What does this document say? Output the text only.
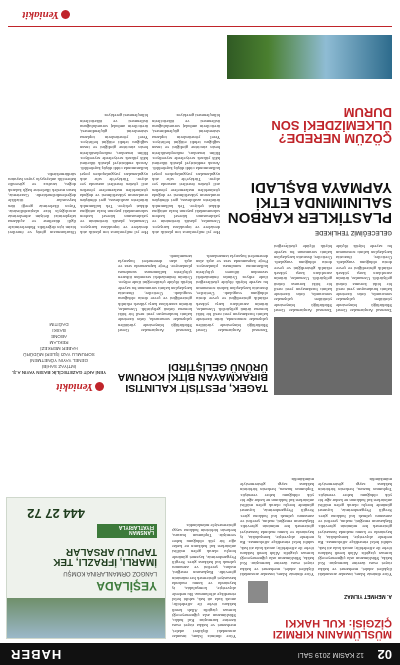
02
12 KASIM 2019 SALI
HABER
MÜSLÜMANIN KIRMIZI ÇİZGİSİ: KUL HAKKI
A. MEHMET YILMAZ
Yüce dinimiz İslam, insanlar arasındaki ilişkileri adalet, merhamet ve hakka riayet esası üzerine kurmuştur. Kul hakkı, Müslümanın asla çiğnemeyeceği kırmızı çizgidir. Allah kendi hakkını tövbe ile affedebilir; ancak kula ait hak, sahibi helal etmedikçe affolunmaz. Bu nedenle alışverişte, komşulukta, iş hayatında ve kamu malında hassasiyet göstermek her müminin görevidir. Başkasının emeğini, malını, şerefini ve zamanını çalmak kul hakkına girer. Sevgili Peygamberimiz, kıyamet gününde borçlu olarak gelen müflisi anlatırken kul hakkının ne kadar ağır bir yük olduğunu haber vermiştir. Toplumun huzuru, herkesin birbirinin hakkına saygı göstermesiyle mümkündür.
Yüce dinimiz İslam, insanlar arasındaki ilişkileri adalet, merhamet ve hakka riayet esası üzerine kurmuştur. Kul hakkı, Müslümanın asla çiğnemeyeceği kırmızı çizgidir. Allah kendi hakkını tövbe ile affedebilir; ancak kula ait hak, sahibi helal etmedikçe affolunmaz. Bu nedenle alışverişte, komşulukta, iş hayatında ve kamu malında hassasiyet göstermek her müminin görevidir. Başkasının emeğini, malını, şerefini ve zamanını çalmak kul hakkına girer. Sevgili Peygamberimiz, kıyamet gününde borçlu olarak gelen müflisi anlatırken kul hakkının ne kadar ağır bir yük olduğunu haber vermiştir. Toplumun huzuru, herkesin birbirinin hakkına saygı göstermesiyle mümkündür.
Yüce dinimiz İslam, insanlar arasındaki ilişkileri adalet, merhamet ve hakka riayet esası üzerine kurmuştur. Kul hakkı, Müslümanın asla çiğnemeyeceği kırmızı çizgidir. Allah kendi hakkını tövbe ile affedebilir; ancak kula ait hak, sahibi helal etmedikçe affolunmaz. Bu nedenle alışverişte, komşulukta, iş hayatında ve kamu malında hassasiyet göstermek her müminin görevidir. Başkasının emeğini, malını, şerefini ve zamanını çalmak kul hakkına girer. Sevgili Peygamberimiz, kıyamet gününde borçlu olarak gelen müflisi anlatırken kul hakkının ne kadar ağır bir yük olduğunu haber vermiştir. Toplumun huzuru, herkesin birbirinin hakkına saygı göstermesiyle mümkündür.
YEŞİLADA
LANGOZ ORMANLARINA KOMŞU
İMARLI, İFRAZLI, TEK TAPULU ARSALAR
LANSMAN FİYATLARIYLA
444 27 72
Tarımsal Araştırmalar Genel Müdürlüğü bünyesinde yürütülen çalışmalar sonucunda, ürün üzerinde kalıntı bırakmayan yeni nesil bir bitki koruma ürünü geliştirildi. Uzmanlar, ürünün zararlılara karşı yüksek etkinlik gösterdiğini ve çevre dostu olduğunu vurguladı. Üreticiler, ihracatta karşılaşılan kalıntı sorununun bu sayede büyük ölçüde
Tarımsal Araştırmalar Genel Müdürlüğü bünyesinde yürütülen çalışmalar sonucunda, ürün üzerinde kalıntı bırakmayan yeni nesil bir bitki koruma ürünü geliştirildi. Uzmanlar, ürünün zararlılara karşı yüksek etkinlik gösterdiğini ve çevre dostu olduğunu vurguladı. Üreticiler, ihracatta karşılaşılan kalıntı sorununun bu sayede büyük ölçüde çözüleceğini
TAGEK, PESTİSİT KALINTISI BIRAKMAYAN BİTKİ KORUMA ÜRÜNÜ GELİŞTİRDİ
Tarımsal Araştırmalar Genel Müdürlüğü bünyesinde yürütülen çalışmalar sonucunda, ürün üzerinde kalıntı bırakmayan yeni nesil bir bitki koruma ürünü geliştirildi. Uzmanlar, ürünün zararlılara karşı yüksek etkinlik gösterdiğini ve çevre dostu olduğunu vurguladı. Üreticiler, ihracatta karşılaşılan kalıntı sorununun bu sayede büyük ölçüde çözüleceğini ifade ediyor. Ürünün önümüzdeki sezondan itibaren çiftçilerin kullanımına sunulması planlanıyor. Proje kapsamında sera ve açık alan denemeleri başarıyla tamamlandı.
Tarımsal Araştırmalar Genel Müdürlüğü bünyesinde yürütülen çalışmalar sonucunda, ürün üzerinde kalıntı bırakmayan yeni nesil bir bitki koruma ürünü geliştirildi. Uzmanlar, ürünün zararlılara karşı yüksek etkinlik gösterdiğini ve çevre dostu olduğunu vurguladı. Üreticiler, ihracatta karşılaşılan kalıntı sorununun bu sayede büyük ölçüde çözüleceğini ifade ediyor. Ürünün önümüzdeki sezondan itibaren çiftçilerin kullanımına sunulması planlanıyor. Proje kapsamında sera ve açık alan denemeleri başarıyla tamamlandı.
Yeniakit
YENİ AKİT GAZETECİLİK BASIN YAYIN A.Ş.
İMTİYAZ SAHİBİ
GENEL YAYIN YÖNETMENİ
SORUMLU YAZI İŞLERİ MÜDÜRÜ
HABER MERKEZİ
REKLAM
ABONE
BASKI
DAĞITIM
GELECEĞİMİZ TEHLİKEDE
PLASTİKLER KARBON SALINIMINDA ETKİ YAPMAYA BAŞLADI
ÇÖZÜM NEREDE? ÜLKEMİZDEKİ SON DURUM
Her yıl milyonlarca ton plastik atık denizlere ve topraklara karışıyor. Uzmanlar, plastik üretiminin ve yakılmasının küresel karbon salınımındaki payının hızla arttığına dikkat çekiyor. Tek kullanımlık ürünlerin azaltılması, geri dönüşüm oranlarının yükseltilmesi ve doğada çözünebilen malzemelere yönelim acil çözüm önerileri arasında yer alıyor. Türkiye'de sıfır atık uygulamaları yaygınlaşırken poşet kullanımında ciddi düşüş kaydedildi. Ancak endüstriyel plastik tüketimi hâlâ yüksek seviyelerde seyrediyor. Bilim insanları, mikroplastiklerin besin zincirine girdiğini ve insan sağlığını tehdit ettiğini belirtiyor. Yerel yönetimlerin toplama sistemlerini güçlendirmesi, üreticilerin ambalaj sorumluluğunu üstlenmesi ve tüketicilerin bilinçlenmesi gerekiyor.
Her yıl milyonlarca ton plastik atık denizlere ve topraklara karışıyor. Uzmanlar, plastik üretiminin ve yakılmasının küresel karbon salınımındaki payının hızla arttığına dikkat çekiyor. Tek kullanımlık ürünlerin azaltılması, geri dönüşüm oranlarının yükseltilmesi ve doğada çözünebilen malzemelere yönelim acil çözüm önerileri arasında yer alıyor. Türkiye'de sıfır atık uygulamaları yaygınlaşırken poşet kullanımında ciddi düşüş kaydedildi. Ancak endüstriyel plastik tüketimi hâlâ yüksek seviyelerde seyrediyor. Bilim insanları, mikroplastiklerin besin zincirine girdiğini ve insan sağlığını tehdit ettiğini belirtiyor. Yerel yönetimlerin toplama sistemlerini güçlendirmesi, üreticilerin ambalaj sorumluluğunu üstlenmesi ve tüketicilerin bilinçlenmesi gerekiyor.
Okurlarımızın görüş ve önerileri bizim için değerlidir. Haberlerimizle ilgili düzeltme ve açıklama taleplerinizi iletişim adreslerimiz aracılığıyla bize ulaştırabilirsiniz. Yayın ilkelerimiz gereği tüm başvurular titizlikle değerlendirilmektedir. Gazetemiz, basın meslek ilkelerine bağlı kalarak doğru, tarafsız ve güvenilir habercilik anlayışıyla yayın hayatını sürdürmektedir.
Yeniakit
